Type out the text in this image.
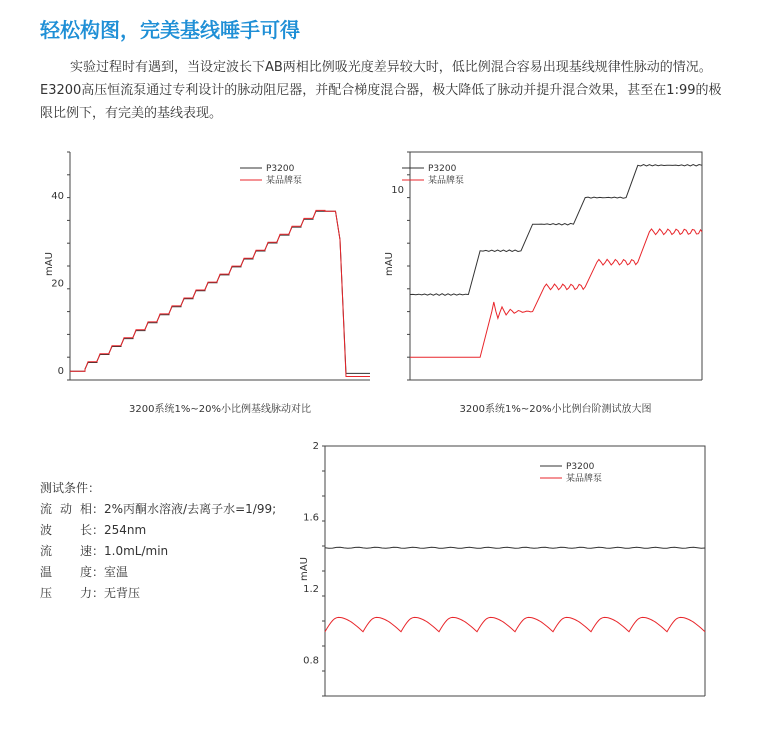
轻松构图，完美基线唾手可得
实验过程时有遇到，当设定波长下AB两相比例吸光度差异较大时，低比例混合容易出现基线规律性脉动的情况。E3200高压恒流泵通过专利设计的脉动阻尼器，并配合梯度混合器，极大降低了脉动并提升混合效果，甚至在1:99的极限比例下，有完美的基线表现。
0
20
40
mAU
P3200
某品牌泵
3200系统1%~20%小比例基线脉动对比
10
mAU
P3200
某品牌泵
3200系统1%~20%小比例台阶测试放大图
0.8
1.2
1.6
2
mAU
P3200
某品牌泵
测试条件：
流动相 ： 2%丙酮水溶液/去离子水=1/99;
波长 ： 254nm
流速 ： 1.0mL/min
温度 ： 室温
压力 ： 无背压
